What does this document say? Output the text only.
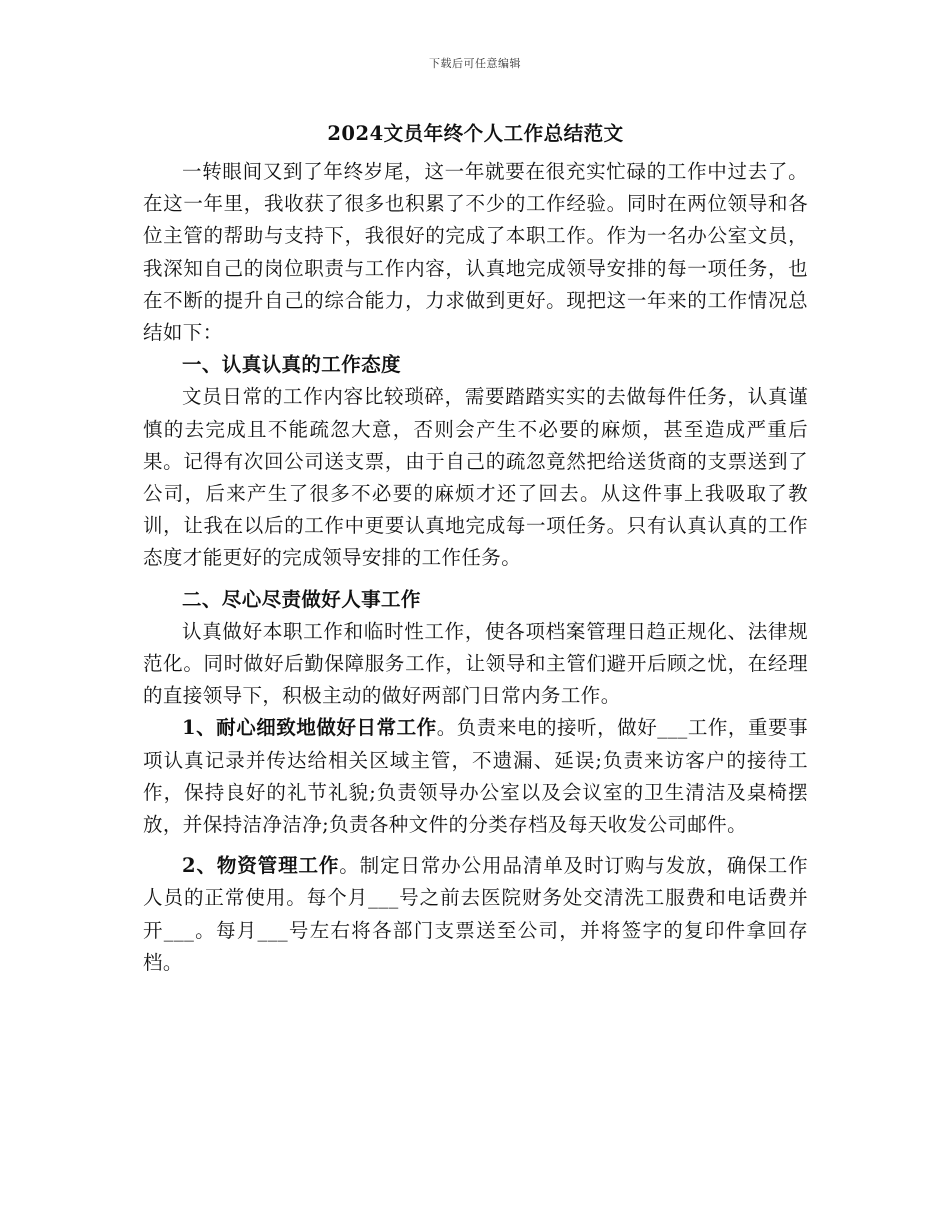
下载后可任意编辑
2024文员年终个人工作总结范文

一转眼间又到了年终岁尾，这一年就要在很充实忙碌的工作中过去了。在这一年里，我收获了很多也积累了不少的工作经验。同时在两位领导和各位主管的帮助与支持下，我很好的完成了本职工作。作为一名办公室文员，我深知自己的岗位职责与工作内容，认真地完成领导安排的每一项任务，也在不断的提升自己的综合能力，力求做到更好。现把这一年来的工作情况总结如下：

一、认真认真的工作态度

文员日常的工作内容比较琐碎，需要踏踏实实的去做每件任务，认真谨慎的去完成且不能疏忽大意，否则会产生不必要的麻烦，甚至造成严重后果。记得有次回公司送支票，由于自己的疏忽竟然把给送货商的支票送到了公司，后来产生了很多不必要的麻烦才还了回去。从这件事上我吸取了教训，让我在以后的工作中更要认真地完成每一项任务。只有认真认真的工作态度才能更好的完成领导安排的工作任务。

二、尽心尽责做好人事工作

认真做好本职工作和临时性工作，使各项档案管理日趋正规化、法律规范化。同时做好后勤保障服务工作，让领导和主管们避开后顾之忧，在经理的直接领导下，积极主动的做好两部门日常内务工作。

1、耐心细致地做好日常工作。负责来电的接听，做好___工作，重要事项认真记录并传达给相关区域主管，不遗漏、延误;负责来访客户的接待工作，保持良好的礼节礼貌;负责领导办公室以及会议室的卫生清洁及桌椅摆放，并保持洁净洁净;负责各种文件的分类存档及每天收发公司邮件。

2、物资管理工作。制定日常办公用品清单及时订购与发放，确保工作人员的正常使用。每个月___号之前去医院财务处交清洗工服费和电话费并开___。每月___号左右将各部门支票送至公司，并将签字的复印件拿回存档。
